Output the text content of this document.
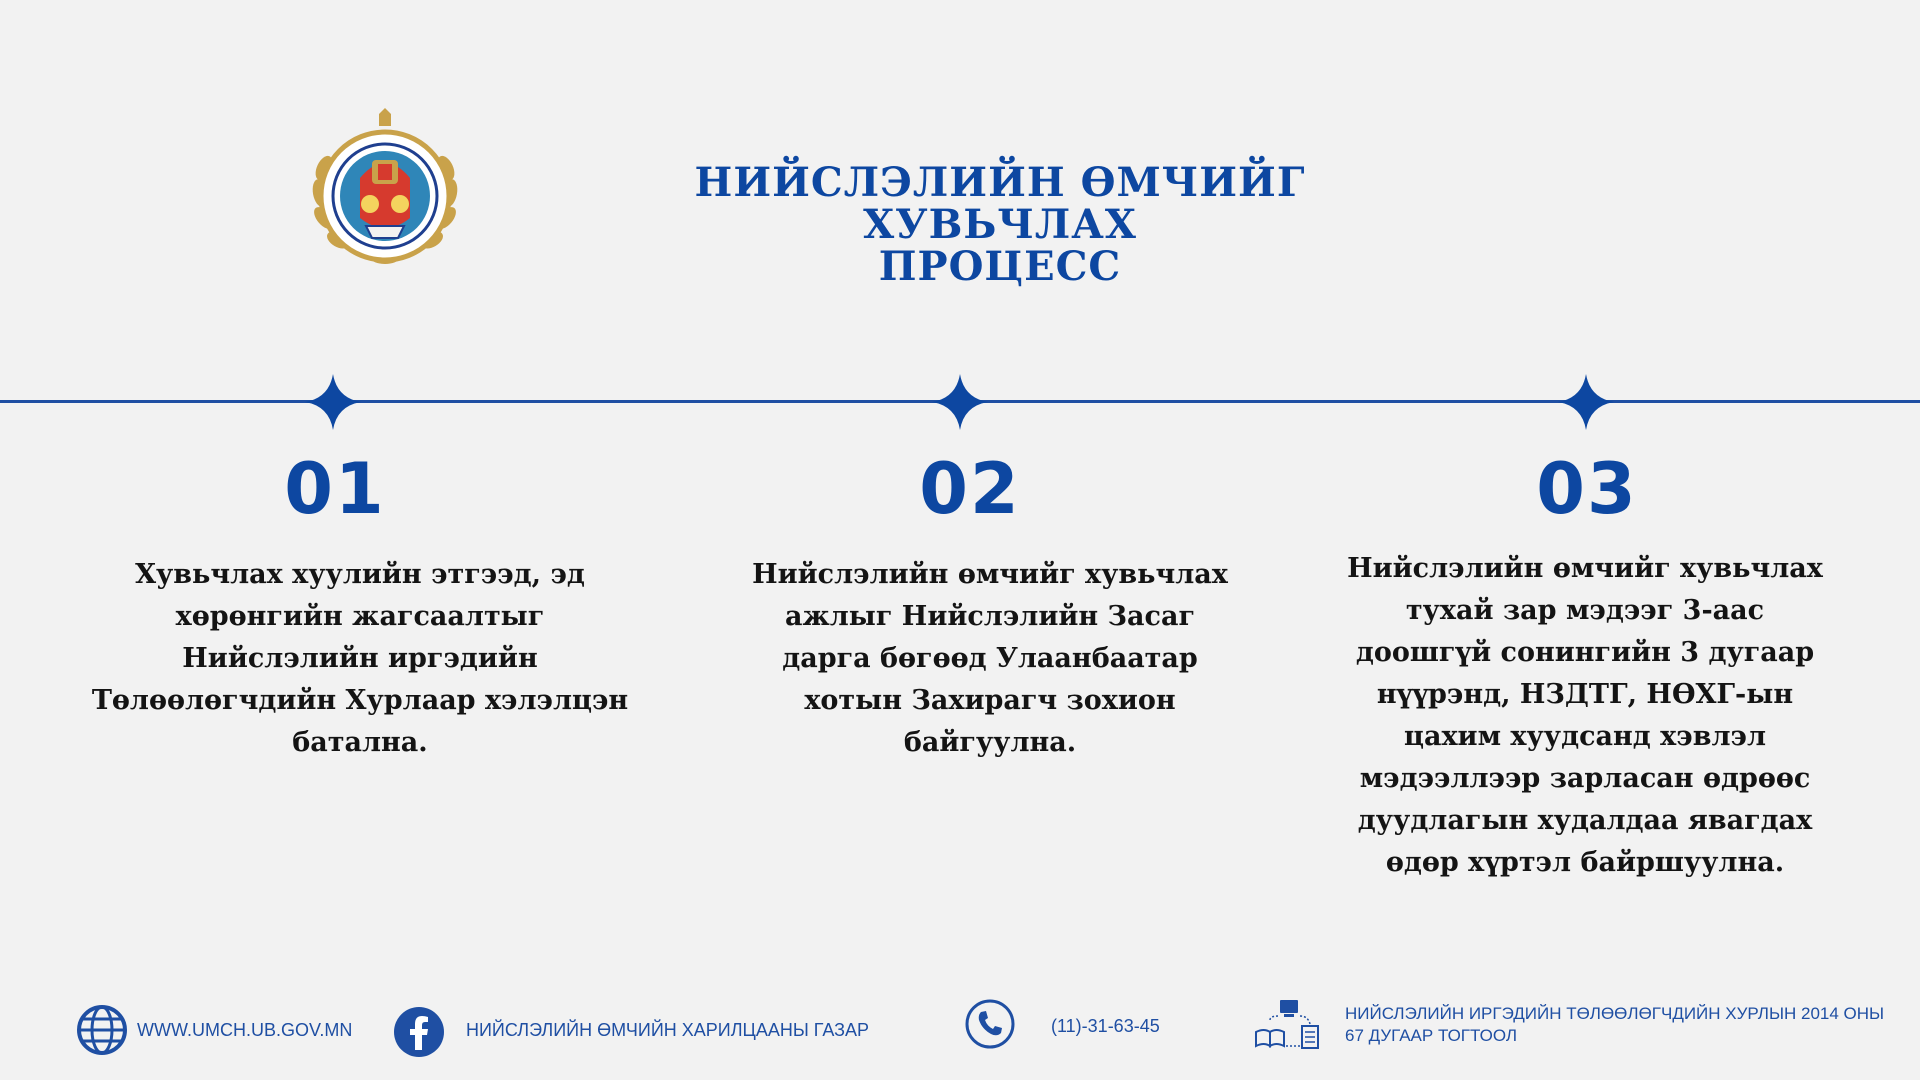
НИЙСЛЭЛИЙН ӨМЧИЙГ ХУВЬЧЛАХ
ПРОЦЕСС
01	02	03
Хувьчлах хуулийн этгээд, эд
хөрөнгийн жагсаалтыг
Нийслэлийн иргэдийн
Төлөөлөгчдийн Хурлаар хэлэлцэн
батална.
Нийслэлийн өмчийг хувьчлах
ажлыг Нийслэлийн Засаг
дарга бөгөөд Улаанбаатар
хотын Захирагч зохион
байгуулна.
Нийслэлийн өмчийг хувьчлах
тухай зар мэдээг 3-аас
доошгүй сонингийн 3 дугаар
нүүрэнд, НЗДТГ, НӨХГ-ын
цахим хуудсанд хэвлэл
мэдээллээр зарласан өдрөөс
дуудлагын худалдаа явагдах
өдөр хүртэл байршуулна.
WWW.UMCH.UB.GOV.MN	НИЙСЛЭЛИЙН ӨМЧИЙН ХАРИЛЦААНЫ ГАЗАР	(11)-31-63-45
НИЙСЛЭЛИЙН ИРГЭДИЙН ТӨЛӨӨЛӨГЧДИЙН ХУРЛЫН 2014 ОНЫ
67 ДУГААР ТОГТООЛ
